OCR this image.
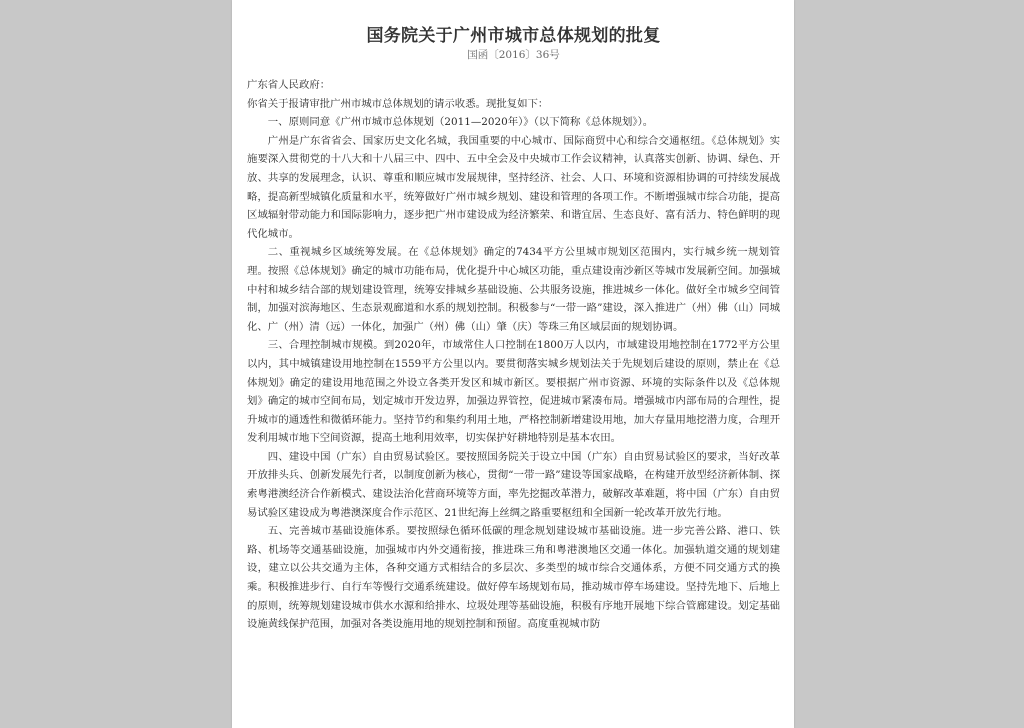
国务院关于广州市城市总体规划的批复
国函〔2016〕36号

广东省人民政府：

你省关于报请审批广州市城市总体规划的请示收悉。现批复如下：

一、原则同意《广州市城市总体规划（2011—2020年）》（以下简称《总体规划》）。

广州是广东省省会、国家历史文化名城，我国重要的中心城市、国际商贸中心和综合交通枢纽。《总体规划》实施要深入贯彻党的十八大和十八届三中、四中、五中全会及中央城市工作会议精神，认真落实创新、协调、绿色、开放、共享的发展理念，认识、尊重和顺应城市发展规律，坚持经济、社会、人口、环境和资源相协调的可持续发展战略，提高新型城镇化质量和水平，统筹做好广州市城乡规划、建设和管理的各项工作。不断增强城市综合功能，提高区域辐射带动能力和国际影响力，逐步把广州市建设成为经济繁荣、和谐宜居、生态良好、富有活力、特色鲜明的现代化城市。

二、重视城乡区域统筹发展。在《总体规划》确定的7434平方公里城市规划区范围内，实行城乡统一规划管理。按照《总体规划》确定的城市功能布局，优化提升中心城区功能，重点建设南沙新区等城市发展新空间。加强城中村和城乡结合部的规划建设管理，统筹安排城乡基础设施、公共服务设施，推进城乡一体化。做好全市城乡空间管制，加强对滨海地区、生态景观廊道和水系的规划控制。积极参与“一带一路”建设，深入推进广（州）佛（山）同城化、广（州）清（远）一体化，加强广（州）佛（山）肇（庆）等珠三角区域层面的规划协调。

三、合理控制城市规模。到2020年，市域常住人口控制在1800万人以内，市域建设用地控制在1772平方公里以内，其中城镇建设用地控制在1559平方公里以内。要贯彻落实城乡规划法关于先规划后建设的原则，禁止在《总体规划》确定的建设用地范围之外设立各类开发区和城市新区。要根据广州市资源、环境的实际条件以及《总体规划》确定的城市空间布局，划定城市开发边界，加强边界管控，促进城市紧凑布局。增强城市内部布局的合理性，提升城市的通透性和微循环能力。坚持节约和集约利用土地，严格控制新增建设用地，加大存量用地挖潜力度，合理开发利用城市地下空间资源，提高土地利用效率，切实保护好耕地特别是基本农田。

四、建设中国（广东）自由贸易试验区。要按照国务院关于设立中国（广东）自由贸易试验区的要求，当好改革开放排头兵、创新发展先行者，以制度创新为核心，贯彻“一带一路”建设等国家战略，在构建开放型经济新体制、探索粤港澳经济合作新模式、建设法治化营商环境等方面，率先挖掘改革潜力，破解改革难题，将中国（广东）自由贸易试验区建设成为粤港澳深度合作示范区、21世纪海上丝绸之路重要枢纽和全国新一轮改革开放先行地。

五、完善城市基础设施体系。要按照绿色循环低碳的理念规划建设城市基础设施。进一步完善公路、港口、铁路、机场等交通基础设施，加强城市内外交通衔接，推进珠三角和粤港澳地区交通一体化。加强轨道交通的规划建设，建立以公共交通为主体，各种交通方式相结合的多层次、多类型的城市综合交通体系，方便不同交通方式的换乘。积极推进步行、自行车等慢行交通系统建设。做好停车场规划布局，推动城市停车场建设。坚持先地下、后地上的原则，统筹规划建设城市供水水源和给排水、垃圾处理等基础设施，积极有序地开展地下综合管廊建设。划定基础设施黄线保护范围，加强对各类设施用地的规划控制和预留。高度重视城市防
